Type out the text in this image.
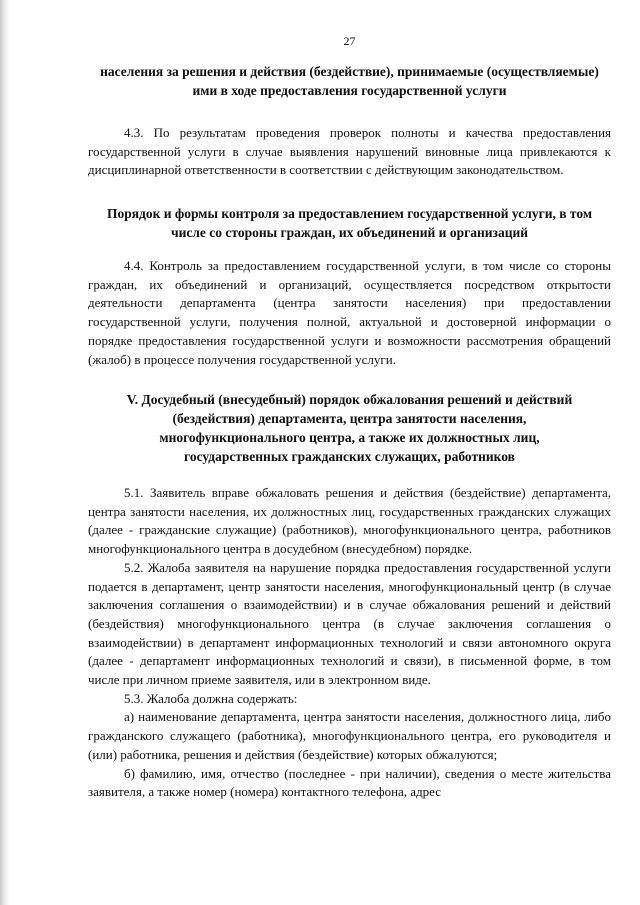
27

населения за решения и действия (бездействие), принимаемые (осуществляемые) ими в ходе предоставления государственной услуги

4.3. По результатам проведения проверок полноты и качества предоставления государственной услуги в случае выявления нарушений виновные лица привлекаются к дисциплинарной ответственности в соответствии с действующим законодательством.

Порядок и формы контроля за предоставлением государственной услуги, в том числе со стороны граждан, их объединений и организаций

4.4. Контроль за предоставлением государственной услуги, в том числе со стороны граждан, их объединений и организаций, осуществляется посредством открытости деятельности департамента (центра занятости населения) при предоставлении государственной услуги, получения полной, актуальной и достоверной информации о порядке предоставления государственной услуги и возможности рассмотрения обращений (жалоб) в процессе получения государственной услуги.

V. Досудебный (внесудебный) порядок обжалования решений и действий (бездействия) департамента, центра занятости населения, многофункционального центра, а также их должностных лиц, государственных гражданских служащих, работников

5.1. Заявитель вправе обжаловать решения и действия (бездействие) департамента, центра занятости населения, их должностных лиц, государственных гражданских служащих (далее - гражданские служащие) (работников), многофункционального центра, работников многофункционального центра в досудебном (внесудебном) порядке.

5.2. Жалоба заявителя на нарушение порядка предоставления государственной услуги подается в департамент, центр занятости населения, многофункциональный центр (в случае заключения соглашения о взаимодействии) и в случае обжалования решений и действий (бездействия) многофункционального центра (в случае заключения соглашения о взаимодействии) в департамент информационных технологий и связи автономного округа (далее - департамент информационных технологий и связи), в письменной форме, в том числе при личном приеме заявителя, или в электронном виде.

5.3. Жалоба должна содержать:

а) наименование департамента, центра занятости населения, должностного лица, либо гражданского служащего (работника), многофункционального центра, его руководителя и (или) работника, решения и действия (бездействие) которых обжалуются;

б) фамилию, имя, отчество (последнее - при наличии), сведения о месте жительства заявителя, а также номер (номера) контактного телефона, адрес
